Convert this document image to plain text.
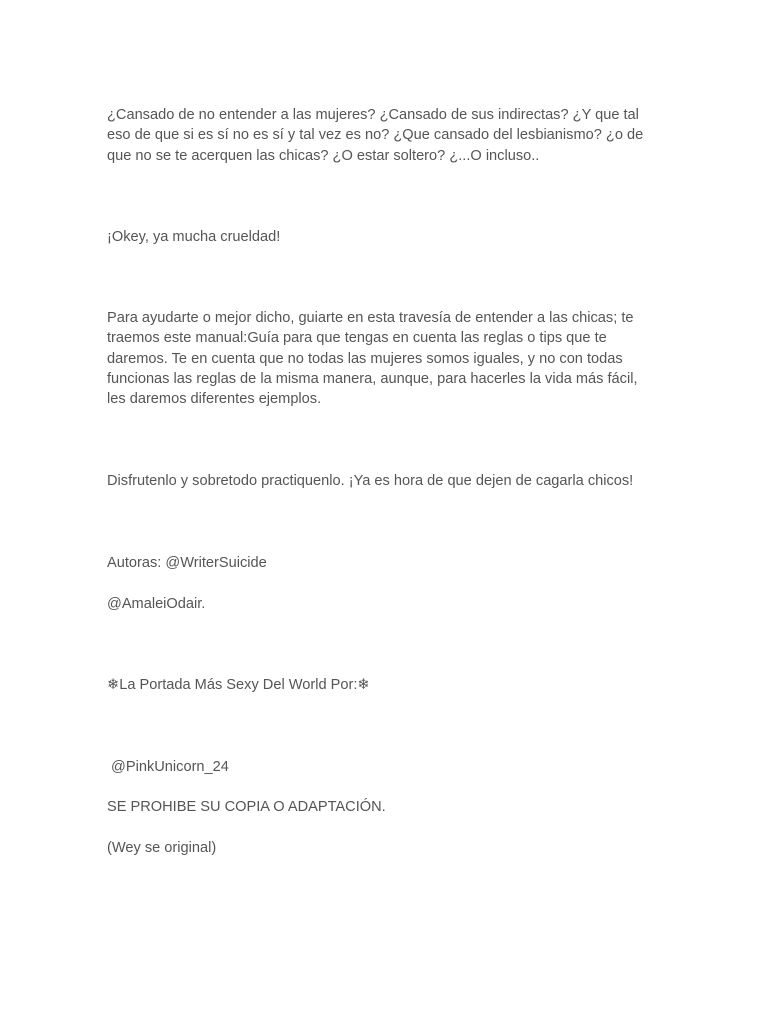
¿Cansado de no entender a las mujeres? ¿Cansado de sus indirectas? ¿Y que tal
eso de que si es sí no es sí y tal vez es no? ¿Que cansado del lesbianismo? ¿o de
que no se te acerquen las chicas? ¿O estar soltero? ¿...O incluso..

¡Okey, ya mucha crueldad!

Para ayudarte o mejor dicho, guiarte en esta travesía de entender a las chicas; te
traemos este manual:Guía para que tengas en cuenta las reglas o tips que te
daremos. Te en cuenta que no todas las mujeres somos iguales, y no con todas
funcionas las reglas de la misma manera, aunque, para hacerles la vida más fácil,
les daremos diferentes ejemplos.

Disfrutenlo y sobretodo practiquenlo. ¡Ya es hora de que dejen de cagarla chicos!

Autoras: @WriterSuicide

@AmaleiOdair.

❄La Portada Más Sexy Del World Por:❄

@PinkUnicorn_24

SE PROHIBE SU COPIA O ADAPTACIÓN.

(Wey se original)
